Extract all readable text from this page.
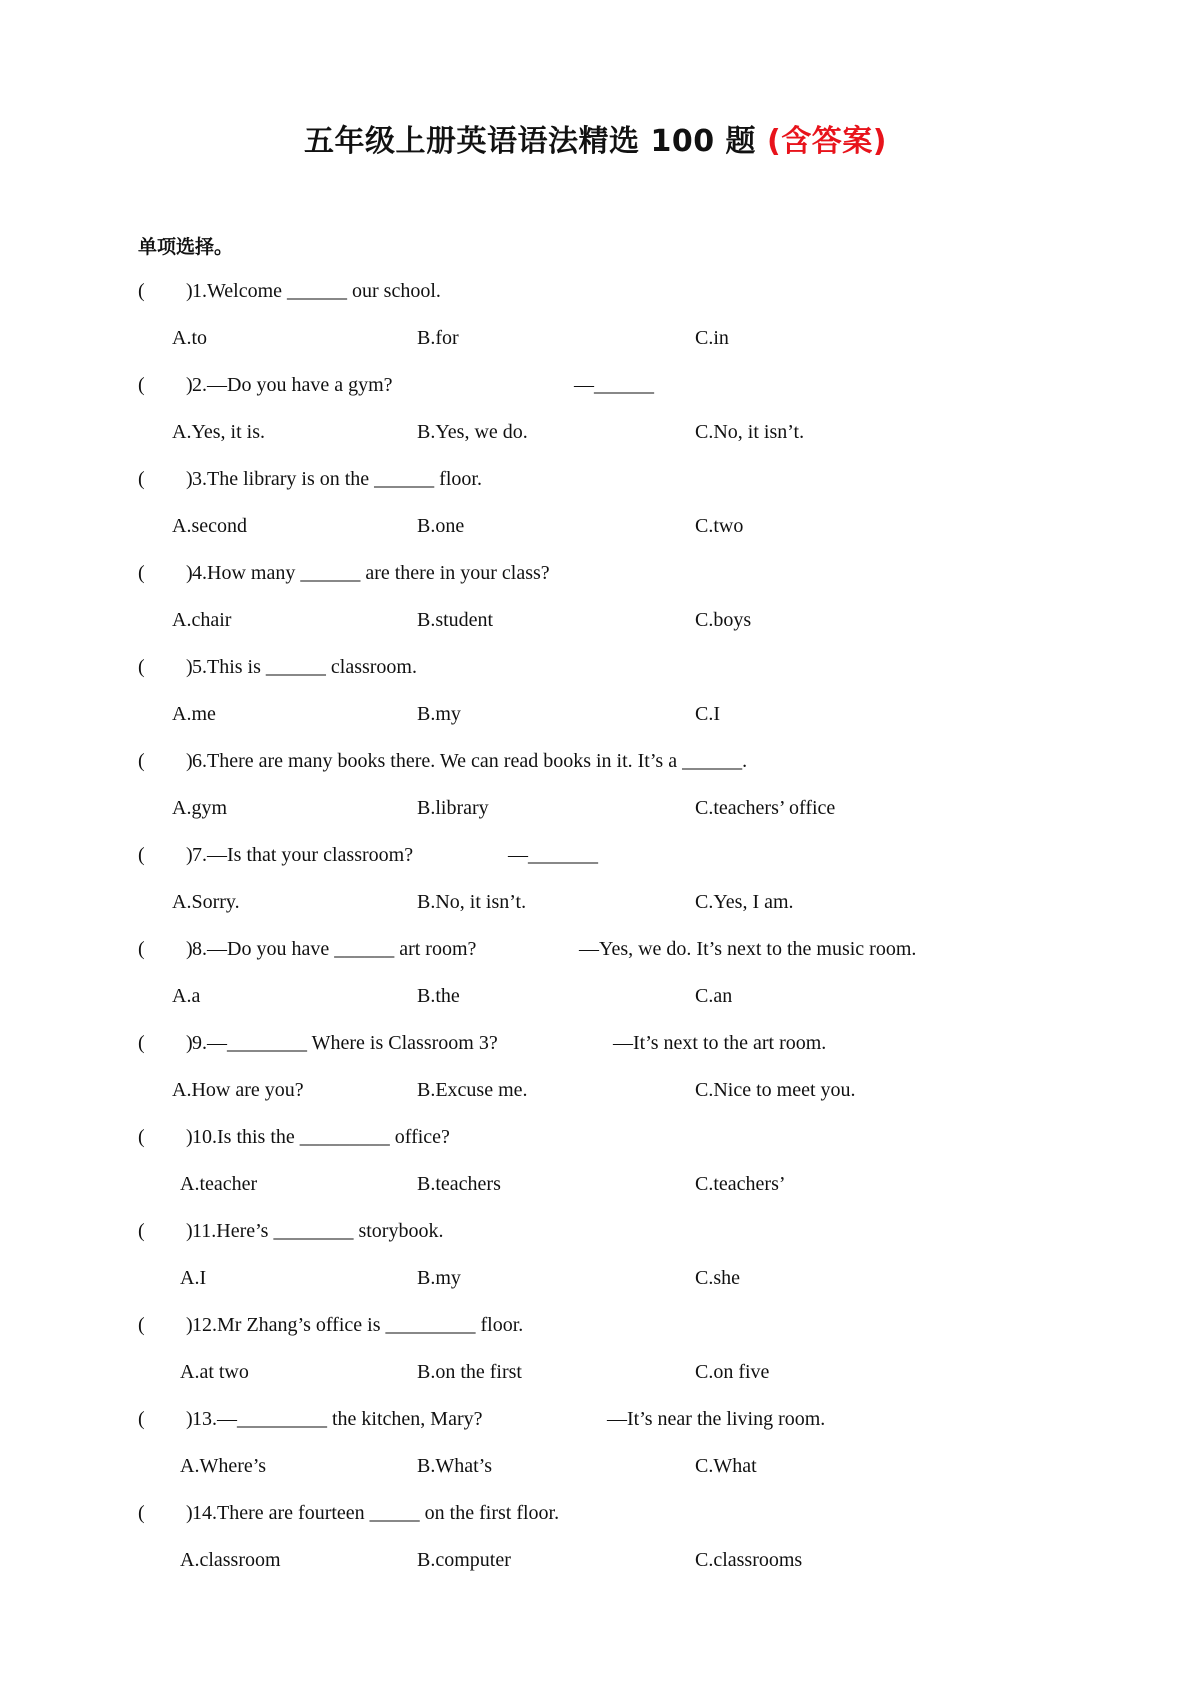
五年级上册英语语法精选 100 题 (含答案)
单项选择。
( ) 1.Welcome ______ our school.
A.to	B.for	C.in
( ) 2.—Do you have a gym?	—______
A.Yes, it is.	B.Yes, we do.	C.No, it isn’t.
( ) 3.The library is on the ______ floor.
A.second	B.one	C.two
( ) 4.How many ______ are there in your class?
A.chair	B.student	C.boys
( ) 5.This is ______ classroom.
A.me	B.my	C.I
( ) 6.There are many books there. We can read books in it. It’s a ______.
A.gym	B.library	C.teachers’ office
( ) 7.—Is that your classroom?	—_______
A.Sorry.	B.No, it isn’t.	C.Yes, I am.
( ) 8.—Do you have ______ art room?	—Yes, we do. It’s next to the music room.
A.a	B.the	C.an
( ) 9.—________ Where is Classroom 3?	—It’s next to the art room.
A.How are you?	B.Excuse me.	C.Nice to meet you.
( ) 10.Is this the _________ office?
A.teacher	B.teachers	C.teachers’
( ) 11.Here’s ________ storybook.
A.I	B.my	C.she
( ) 12.Mr Zhang’s office is _________ floor.
A.at two	B.on the first	C.on five
( ) 13.—_________ the kitchen, Mary?	—It’s near the living room.
A.Where’s	B.What’s	C.What
( ) 14.There are fourteen _____ on the first floor.
A.classroom	B.computer	C.classrooms
